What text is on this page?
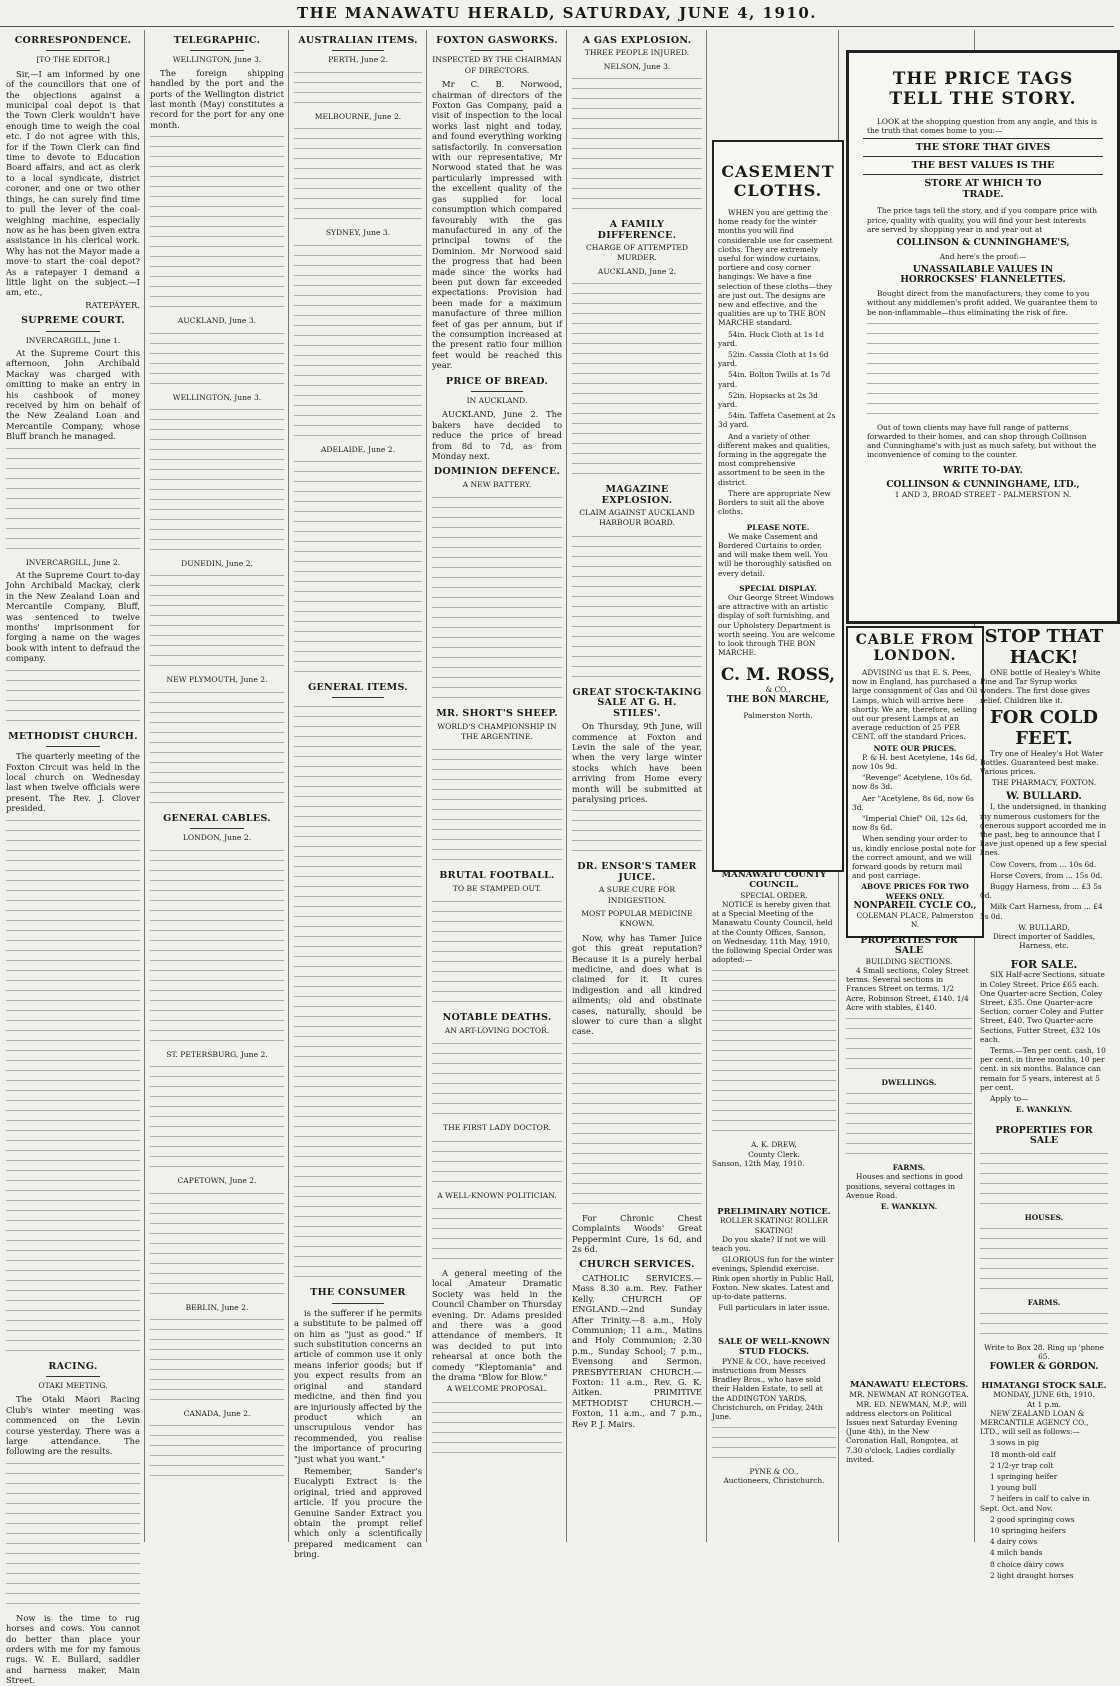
THE MANAWATU HERALD, SATURDAY, JUNE 4, 1910.
CORRESPONDENCE.
[TO THE EDITOR.]

Sir,—I am informed by one of the councillors that one of the objections against a municipal coal depot is that the Town Clerk wouldn't have enough time to weigh the coal etc. I do not agree with this, for if the Town Clerk can find time to devote to Education Board affairs, and act as clerk to a local syndicate, district coroner, and one or two other things, he can surely find time to pull the lever of the coal-weighing machine, especially now as he has been given extra assistance in his clerical work. Why has not the Mayor made a move to start the coal depot? As a ratepayer I demand a little light on the subject.—I am, etc.,

RATEPAYER.

SUPREME COURT.
INVERCARGILL, June 1.

At the Supreme Court this afternoon, John Archibald Mackay was charged with omitting to make an entry in his cashbook of money received by him on behalf of the New Zealand Loan and Mercantile Company, whose Bluff branch he managed.

INVERCARGILL, June 2.

At the Supreme Court to-day John Archibald Mackay, clerk in the New Zealand Loan and Mercantile Company, Bluff, was sentenced to twelve months' imprisonment for forging a name on the wages book with intent to defraud the company.

METHODIST CHURCH.

The quarterly meeting of the Foxton Circuit was held in the local church on Wednesday last when twelve officials were present. The Rev. J. Clover presided.

RACING.
OTAKI MEETING.

The Otaki Maori Racing Club's winter meeting was commenced on the Levin course yesterday. There was a large attendance. The following are the results.

Now is the time to rug horses and cows. You cannot do better than place your orders with me for my famous rugs. W. E. Bullard, saddler and harness maker, Main Street.

TELEGRAPHIC.
WELLINGTON, June 3.

The foreign shipping handled by the port and the ports of the Wellington district last month (May) constitutes a record for the port for any one month.

AUCKLAND, June 3.
WELLINGTON, June 3.
DUNEDIN, June 2.
NEW PLYMOUTH, June 2.
GENERAL CABLES.
LONDON, June 2.
ST. PETERSBURG, June 2.
CAPETOWN, June 2.
BERLIN, June 2.
CANADA, June 2.
AUSTRALIAN ITEMS.
PERTH, June 2.
MELBOURNE, June 2.
SYDNEY, June 3.
ADELAIDE, June 2.
GENERAL ITEMS.
THE CONSUMER

is the sufferer if he permits a substitute to be palmed off on him as "just as good." If such substitution concerns an article of common use it only means inferior goods; but if you expect results from an original and standard medicine, and then find you are injuriously affected by the product which an unscrupulous vendor has recommended, you realise the importance of procuring "just what you want."

Remember, Sander's Eucalypti Extract is the original, tried and approved article. If you procure the Genuine Sander Extract you obtain the prompt relief which only a scientifically prepared medicament can bring.

FOXTON GASWORKS.
INSPECTED BY THE CHAIRMAN OF DIRECTORS.

Mr C. B. Norwood, chairman of directors of the Foxton Gas Company, paid a visit of inspection to the local works last night and today, and found everything working satisfactorily. In conversation with our representative, Mr Norwood stated that he was particularly impressed with the excellent quality of the gas supplied for local consumption which compared favourably with the gas manufactured in any of the principal towns of the Dominion. Mr Norwood said the progress that had been made since the works had been put down far exceeded expectations. Provision had been made for a maximum manufacture of three million feet of gas per annum, but if the consumption increased at the present ratio four million feet would be reached this year.

PRICE OF BREAD.
IN AUCKLAND.

AUCKLAND, June 2. The bakers have decided to reduce the price of bread from 8d to 7d, as from Monday next.

DOMINION DEFENCE.
A NEW BATTERY.
MR. SHORT'S SHEEP.
WORLD'S CHAMPIONSHIP IN THE ARGENTINE.
BRUTAL FOOTBALL.
TO BE STAMPED OUT.
NOTABLE DEATHS.
AN ART-LOVING DOCTOR.
THE FIRST LADY DOCTOR.
A WELL-KNOWN POLITICIAN.

A general meeting of the local Amateur Dramatic Society was held in the Council Chamber on Thursday evening. Dr. Adams presided and there was a good attendance of members. It was decided to put into rehearsal at once both the comedy "Kleptomania" and the drama "Blow for Blow."

A WELCOME PROPOSAL.
A GAS EXPLOSION.
THREE PEOPLE INJURED.
NELSON, June 3.
A FAMILY DIFFERENCE.
CHARGE OF ATTEMPTED MURDER.
AUCKLAND, June 2.
MAGAZINE EXPLOSION.
CLAIM AGAINST AUCKLAND HARBOUR BOARD.
GREAT STOCK-TAKING SALE AT G. H. STILES'.

On Thursday, 9th June, will commence at Foxton and Levin the sale of the year, when the very large winter stocks which have been arriving from Home every month will be submitted at paralysing prices.

DR. ENSOR'S TAMER JUICE.
A SURE CURE FOR INDIGESTION.
MOST POPULAR MEDICINE KNOWN.

Now, why has Tamer Juice got this great reputation? Because it is a purely herbal medicine, and does what is claimed for it. It cures indigestion and all kindred ailments; old and obstinate cases, naturally, should be slower to cure than a slight case.

For Chronic Chest Complaints Woods' Great Peppermint Cure, 1s 6d, and 2s 6d.

CHURCH SERVICES.

CATHOLIC SERVICES.—Mass 8.30 a.m. Rev. Father Kelly. CHURCH OF ENGLAND.—2nd Sunday After Trinity.—8 a.m., Holy Communion; 11 a.m., Matins and Holy Communion; 2.30 p.m., Sunday School; 7 p.m., Evensong and Sermon. PRESBYTERIAN CHURCH.—Foxton: 11 a.m., Rev. G. K. Aitken. PRIMITIVE METHODIST CHURCH.—Foxton, 11 a.m., and 7 p.m., Rev P. J. Mairs.

CASEMENT
CLOTHS.

WHEN you are getting the home ready for the winter months you will find considerable use for casement cloths. They are extremely useful for window curtains, portiere and cosy corner hangings. We have a fine selection of these cloths—they are just out. The designs are new and effective, and the qualities are up to THE BON MARCHE standard.

54in. Huck Cloth at 1s 1d yard.

52in. Cassia Cloth at 1s 6d yard.

54in. Bolton Twills at 1s 7d yard.

52in. Hopsacks at 2s 3d yard.

54in. Taffeta Casement at 2s 3d yard.

And a variety of other different makes and qualities, forming in the aggregate the most comprehensive assortment to be seen in the district.

There are appropriate New Borders to suit all the above cloths.

PLEASE NOTE.

We make Casement and Bordered Curtains to order, and will make them well. You will be thoroughly satisfied on every detail.

SPECIAL DISPLAY.

Our George Street Windows are attractive with an artistic display of soft furnishing, and our Upholstery Department is worth seeing. You are welcome to look through THE BON MARCHE.

C. M. ROSS,
& CO.,
THE BON MARCHE,
Palmerston North.
THE PRICE TAGS
TELL THE STORY.

LOOK at the shopping question from any angle, and this is the truth that comes home to you:—

THE STORE THAT GIVES
THE BEST VALUES IS THE
STORE AT WHICH TO
TRADE.

The price tags tell the story, and if you compare price with price, quality with quality, you will find your best interests are served by shopping year in and year out at

COLLINSON & CUNNINGHAME'S,
And here's the proof:—
UNASSAILABLE VALUES IN
HORROCKSES' FLANNELETTES.

Bought direct from the manufacturers, they come to you without any middlemen's profit added. We guarantee them to be non-inflammable—thus eliminating the risk of fire.

Out of town clients may have full range of patterns forwarded to their homes, and can shop through Collinson and Cunninghame's with just as much safety, but without the inconvenience of coming to the counter.

WRITE TO-DAY.
COLLINSON & CUNNINGHAME, LTD.,
1 AND 3, BROAD STREET - PALMERSTON N.
CABLE FROM
LONDON.

ADVISING us that E. S. Pees, now in England, has purchased a large consignment of Gas and Oil Lamps, which will arrive here shortly. We are, therefore, selling out our present Lamps at an average reduction of 25 PER CENT. off the standard Prices.

NOTE OUR PRICES.

P. & H. best Acetylene, 14s 6d, now 10s 9d.

"Revenge" Acetylene, 10s 6d, now 8s 3d.

Aer "Acetylene, 8s 6d, now 6s 3d.

"Imperial Chief" Oil, 12s 6d, now 8s 6d.

When sending your order to us, kindly enclose postal note for the correct amount, and we will forward goods by return mail and post carriage.

ABOVE PRICES FOR TWO WEEKS ONLY.
NONPAREIL CYCLE CO.,
COLEMAN PLACE, Palmerston N.
STOP THAT
HACK!

ONE bottle of Healey's White Pine and Tar Syrup works wonders. The first dose gives relief. Children like it.

FOR COLD
FEET.

Try one of Healey's Hot Water Bottles. Guaranteed best make. Various prices.

THE PHARMACY, FOXTON.
W. BULLARD.

I, the undersigned, in thanking my numerous customers for the generous support accorded me in the past, beg to announce that I have just opened up a few special lines.

Cow Covers, from ... 10s 6d.

Horse Covers, from ... 15s 0d.

Buggy Harness, from ... £3 5s 0d.

Milk Cart Harness, from ... £4 5s 0d.

W. BULLARD,
Direct importer of Saddles, Harness, etc.
FOR SALE.

SIX Half-acre Sections, situate in Coley Street. Price £65 each. One Quarter-acre Section, Coley Street, £35. One Quarter-acre Section, corner Coley and Futter Street, £40. Two Quarter-acre Sections, Futter Street, £32 10s each.

Terms.—Ten per cent. cash, 10 per cent. in three months, 10 per cent. in six months. Balance can remain for 5 years, interest at 5 per cent.

Apply to—

E. WANKLYN.
PROPERTIES FOR SALE
BUILDING SECTIONS.

4 Small sections, Coley Street terms. Several sections in Frances Street on terms. 1/2 Acre, Robinson Street, £140. 1/4 Acre with stables, £140.

DWELLINGS.
FARMS.

Houses and sections in good positions, several cottages in Avenue Road.

E. WANKLYN.
PROPERTIES FOR SALE
HOUSES.
FARMS.
Write to Box 28. Ring up 'phone 65.
FOWLER & GORDON.
HIMATANGI STOCK SALE.
MONDAY, JUNE 6th, 1910.
At 1 p.m.

NEW ZEALAND LOAN & MERCANTILE AGENCY CO., LTD., will sell as follows:—

3 sows in pig

18 month-old calf

2 1/2-yr trap colt

1 springing heifer

1 young bull

7 heifers in calf to calve in Sept. Oct. and Nov.

2 good springing cows

10 springing heifers

4 dairy cows

4 milch bands

8 choice dairy cows

2 light draught horses

MANAWATU COUNTY COUNCIL.
SPECIAL ORDER.

NOTICE is hereby given that at a Special Meeting of the Manawatu County Council, held at the County Offices, Sanson, on Wednesday, 11th May, 1910, the following Special Order was adopted:—

A. K. DREW,
County Clerk.
Sanson, 12th May, 1910.
PRELIMINARY NOTICE.
ROLLER SKATING! ROLLER SKATING!

Do you skate? If not we will teach you.

GLORIOUS fun for the winter evenings. Splendid exercise. Rink open shortly in Public Hall, Foxton. New skates. Latest and up-to-date patterns.

Full particulars in later issue.
SALE OF WELL-KNOWN STUD FLOCKS.

PYNE & CO., have received instructions from Messrs Bradley Bros., who have sold their Halden Estate, to sell at the ADDINGTON YARDS, Christchurch, on Friday, 24th June.

PYNE & CO.,
Auctioneers, Christchurch.
MANAWATU ELECTORS.
MR. NEWMAN AT RONGOTEA.

MR. ED. NEWMAN, M.P., will address electors on Political Issues next Saturday Evening (June 4th), in the New Coronation Hall, Rongotea, at 7.30 o'clock. Ladies cordially invited.
